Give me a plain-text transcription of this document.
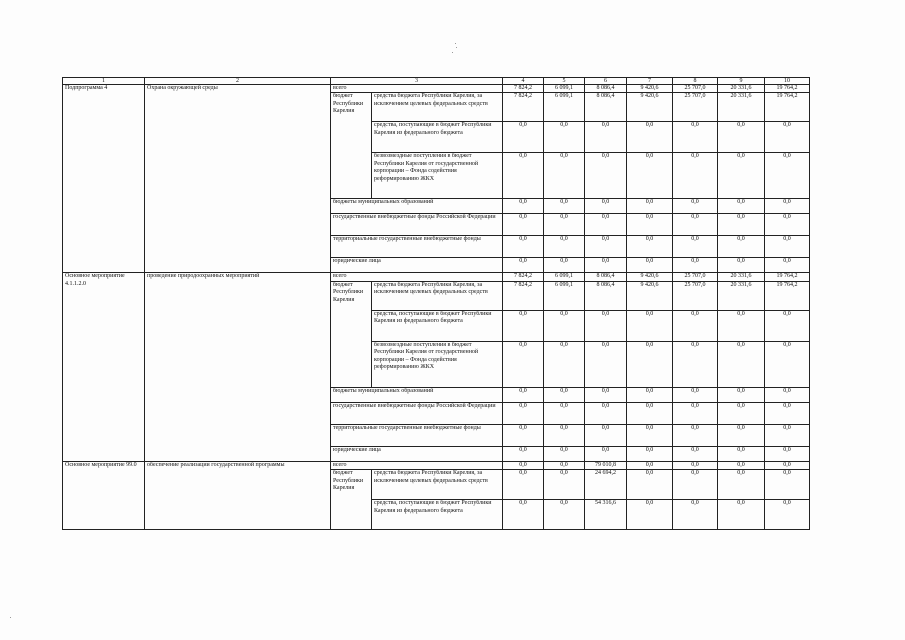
1	2	3		4	5	6	7	8	9	10
Подпрограмма 4	Охрана окружающей среды	всего		7 824,2	6 099,1	8 086,4	9 420,6	25 707,0	20 331,6	19 764,2
		бюджет Республики Карелия	средства бюджета Республики Карелия, за исключением целевых федеральных средств	7 824,2	6 099,1	8 086,4	9 420,6	25 707,0	20 331,6	19 764,2
			средства, поступающие в бюджет Республики Карелия из федерального бюджета	0,0	0,0	0,0	0,0	0,0	0,0	0,0
			безвозмездные поступления в бюджет Республики Карелия от государственной корпорации – Фонда содействия реформированию ЖКХ	0,0	0,0	0,0	0,0	0,0	0,0	0,0
		бюджеты муниципальных образований		0,0	0,0	0,0	0,0	0,0	0,0	0,0
		государственные внебюджетные фонды Российской Федерации		0,0	0,0	0,0	0,0	0,0	0,0	0,0
		территориальные государственные внебюджетные фонды		0,0	0,0	0,0	0,0	0,0	0,0	0,0
		юридические лица		0,0	0,0	0,0	0,0	0,0	0,0	0,0
Основное мероприятие 4.1.1.2.0	проведение природоохранных мероприятий	всего		7 824,2	6 099,1	8 086,4	9 420,6	25 707,0	20 331,6	19 764,2
		бюджет Республики Карелия	средства бюджета Республики Карелия, за исключением целевых федеральных средств	7 824,2	6 099,1	8 086,4	9 420,6	25 707,0	20 331,6	19 764,2
			средства, поступающие в бюджет Республики Карелия из федерального бюджета	0,0	0,0	0,0	0,0	0,0	0,0	0,0
			безвозмездные поступления в бюджет Республики Карелия от государственной корпорации – Фонда содействия реформированию ЖКХ	0,0	0,0	0,0	0,0	0,0	0,0	0,0
		бюджеты муниципальных образований		0,0	0,0	0,0	0,0	0,0	0,0	0,0
		государственные внебюджетные фонды Российской Федерации		0,0	0,0	0,0	0,0	0,0	0,0	0,0
		территориальные государственные внебюджетные фонды		0,0	0,0	0,0	0,0	0,0	0,0	0,0
		юридические лица		0,0	0,0	0,0	0,0	0,0	0,0	0,0
Основное мероприятие 99.0	обеспечение реализации государственной программы	всего		0,0	0,0	79 010,8	0,0	0,0	0,0	0,0
		бюджет Республики Карелия	средства бюджета Республики Карелия, за исключением целевых федеральных средств	0,0	0,0	24 694,2	0,0	0,0	0,0	0,0
			средства, поступающие в бюджет Республики Карелия из федерального бюджета	0,0	0,0	54 316,6	0,0	0,0	0,0	0,0
